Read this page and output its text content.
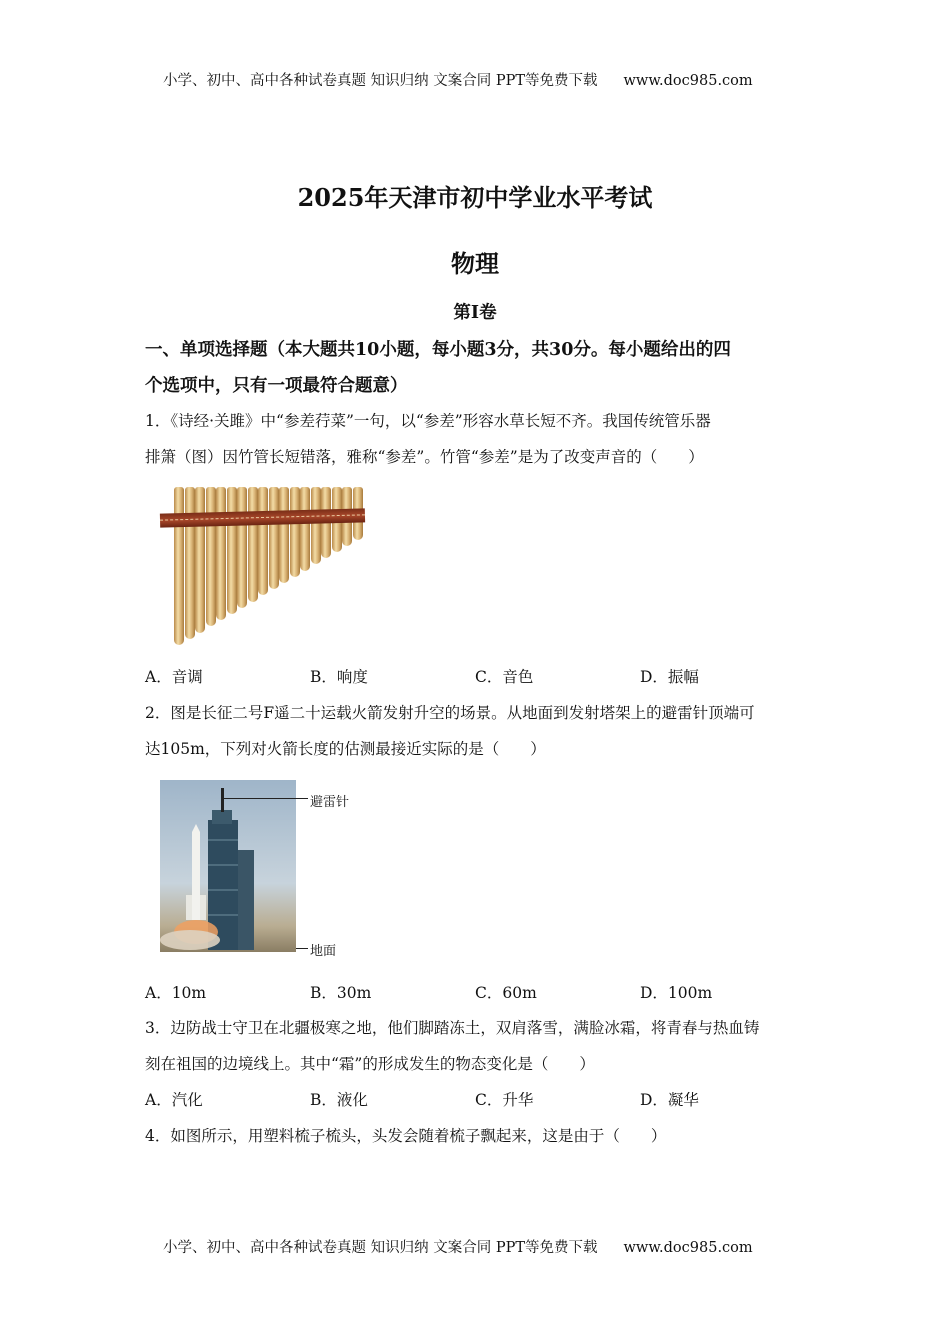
小学、初中、高中各种试卷真题 知识归纳 文案合同 PPT等免费下载 www.doc985.com
2025年天津市初中学业水平考试
物理
第Ⅰ卷
一、单项选择题（本大题共10小题，每小题3分，共30分。每小题给出的四
个选项中，只有一项最符合题意）
1．《诗经·关雎》中“参差荇菜”一句，以“参差”形容水草长短不齐。我国传统管乐器
排箫（图）因竹管长短错落，雅称“参差”。竹管“参差”是为了改变声音的（　　）
A．音调	B．响度	C．音色	D．振幅
2．图是长征二号F遥二十运载火箭发射升空的场景。从地面到发射塔架上的避雷针顶端可
达105m，下列对火箭长度的估测最接近实际的是（　　）
避雷针
地面
A．10m	B．30m	C．60m	D．100m
3．边防战士守卫在北疆极寒之地，他们脚踏冻土，双肩落雪，满脸冰霜，将青春与热血铸
刻在祖国的边境线上。其中“霜”的形成发生的物态变化是（　　）
A．汽化	B．液化	C．升华	D．凝华
4．如图所示，用塑料梳子梳头，头发会随着梳子飘起来，这是由于（　　）
小学、初中、高中各种试卷真题 知识归纳 文案合同 PPT等免费下载 www.doc985.com
